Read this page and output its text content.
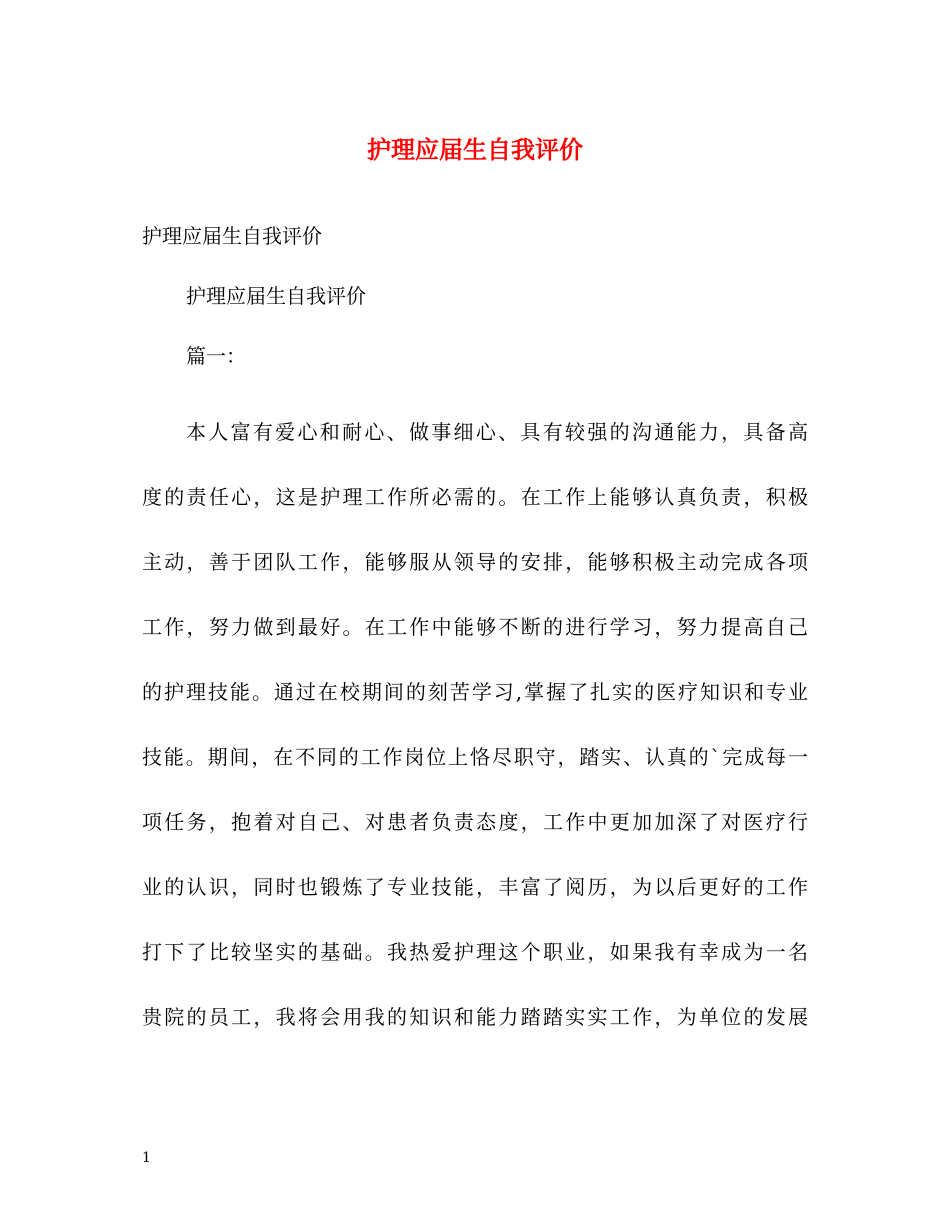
护理应届生自我评价
护理应届生自我评价
护理应届生自我评价
篇一：
本人富有爱心和耐心、做事细心、具有较强的沟通能力，具备高
度的责任心，这是护理工作所必需的。在工作上能够认真负责，积极
主动，善于团队工作，能够服从领导的安排，能够积极主动完成各项
工作，努力做到最好。在工作中能够不断的进行学习，努力提高自己
的护理技能。通过在校期间的刻苦学习,掌握了扎实的医疗知识和专业
技能。期间，在不同的工作岗位上恪尽职守，踏实、认真的`完成每一
项任务，抱着对自己、对患者负责态度，工作中更加加深了对医疗行
业的认识，同时也锻炼了专业技能，丰富了阅历，为以后更好的工作
打下了比较坚实的基础。我热爱护理这个职业，如果我有幸成为一名
贵院的员工，我将会用我的知识和能力踏踏实实工作，为单位的发展
1
